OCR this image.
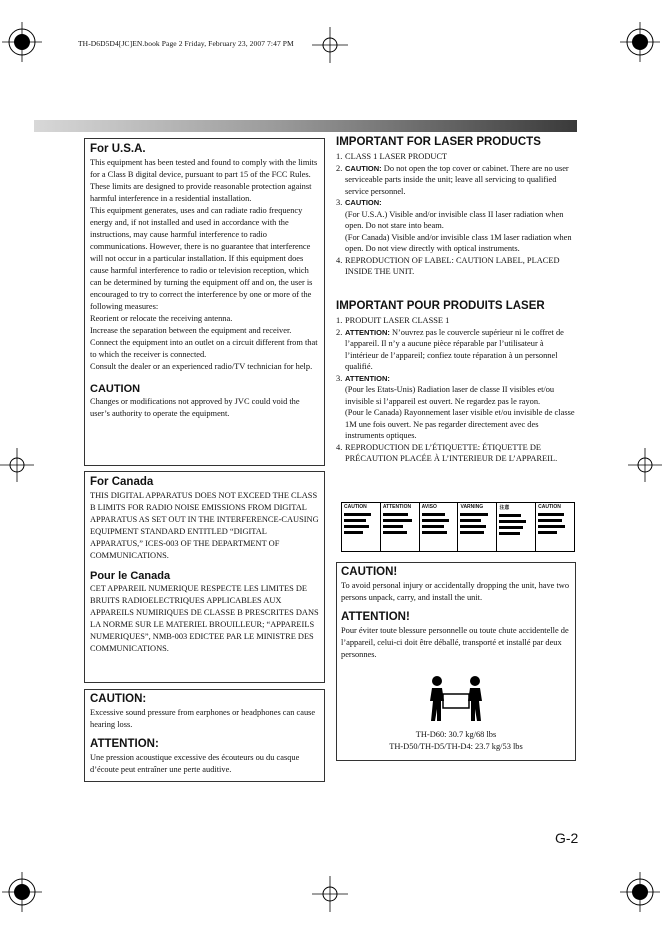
TH-D6D5D4[JC]EN.book Page 2 Friday, February 23, 2007 7:47 PM
For U.S.A.

This equipment has been tested and found to comply with the limits for a Class B digital device, pursuant to part 15 of the FCC Rules. These limits are designed to provide reasonable protection against harmful interference in a residential installation.

This equipment generates, uses and can radiate radio frequency energy and, if not installed and used in accordance with the instructions, may cause harmful interference to radio communications. However, there is no guarantee that interference will not occur in a particular installation. If this equipment does cause harmful interference to radio or television reception, which can be determined by turning the equipment off and on, the user is encouraged to try to correct the interference by one or more of the following measures:

Reorient or relocate the receiving antenna.

Increase the separation between the equipment and receiver.

Connect the equipment into an outlet on a circuit different from that to which the receiver is connected.

Consult the dealer or an experienced radio/TV technician for help.

CAUTION

Changes or modifications not approved by JVC could void the user’s authority to operate the equipment.

For Canada

THIS DIGITAL APPARATUS DOES NOT EXCEED THE CLASS B LIMITS FOR RADIO NOISE EMISSIONS FROM DIGITAL APPARATUS AS SET OUT IN THE INTERFERENCE-CAUSING EQUIPMENT STANDARD ENTITLED “DIGITAL APPARATUS,” ICES-003 OF THE DEPARTMENT OF COMMUNICATIONS.

Pour le Canada

CET APPAREIL NUMERIQUE RESPECTE LES LIMITES DE BRUITS RADIOELECTRIQUES APPLICABLES AUX APPAREILS NUMIRIQUES DE CLASSE B PRESCRITES DANS LA NORME SUR LE MATERIEL BROUILLEUR; “APPAREILS NUMERIQUES”, NMB-003 EDICTEE PAR LE MINISTRE DES COMMUNICATIONS.

CAUTION:

Excessive sound pressure from earphones or headphones can cause hearing loss.

ATTENTION:

Une pression acoustique excessive des écouteurs ou du casque d’écoute peut entraîner une perte auditive.

IMPORTANT FOR LASER PRODUCTS
1. CLASS 1 LASER PRODUCT
2. CAUTION: Do not open the top cover or cabinet. There are no user serviceable parts inside the unit; leave all servicing to qualified service personnel.
3. CAUTION:
(For U.S.A.) Visible and/or invisible class II laser radiation when open. Do not stare into beam.
(For Canada) Visible and/or invisible class 1M laser radiation when open. Do not view directly with optical instruments.
4. REPRODUCTION OF LABEL: CAUTION LABEL, PLACED INSIDE THE UNIT.
IMPORTANT POUR PRODUITS LASER
1. PRODUIT LASER CLASSE 1
2. ATTENTION: N’ouvrez pas le couvercle supérieur ni le coffret de l’appareil. Il n’y a aucune pièce réparable par l’utilisateur à l’intérieur de l’appareil; confiez toute réparation à un personnel qualifié.
3. ATTENTION:
(Pour les Etats-Unis) Radiation laser de classe II visibles et/ou invisible si l’appareil est ouvert. Ne regardez pas le rayon.
(Pour le Canada) Rayonnement laser visible et/ou invisible de classe 1M une fois ouvert. Ne pas regarder directement avec des instruments optiques.
4. REPRODUCTION DE L’ÉTIQUETTE: ÉTIQUETTE DE PRÉCAUTION PLACÉE À L’INTERIEUR DE L’APPAREIL.
CAUTION	ATTENTION	AVISO	VARNING	注意	CAUTION
CAUTION!

To avoid personal injury or accidentally dropping the unit, have two persons unpack, carry, and install the unit.

ATTENTION!

Pour éviter toute blessure personnelle ou toute chute accidentelle de l’appareil, celui-ci doit être déballé, transporté et installé par deux personnes.

TH-D60: 30.7 kg/68 lbs
TH-D50/TH-D5/TH-D4: 23.7 kg/53 lbs
G-2
